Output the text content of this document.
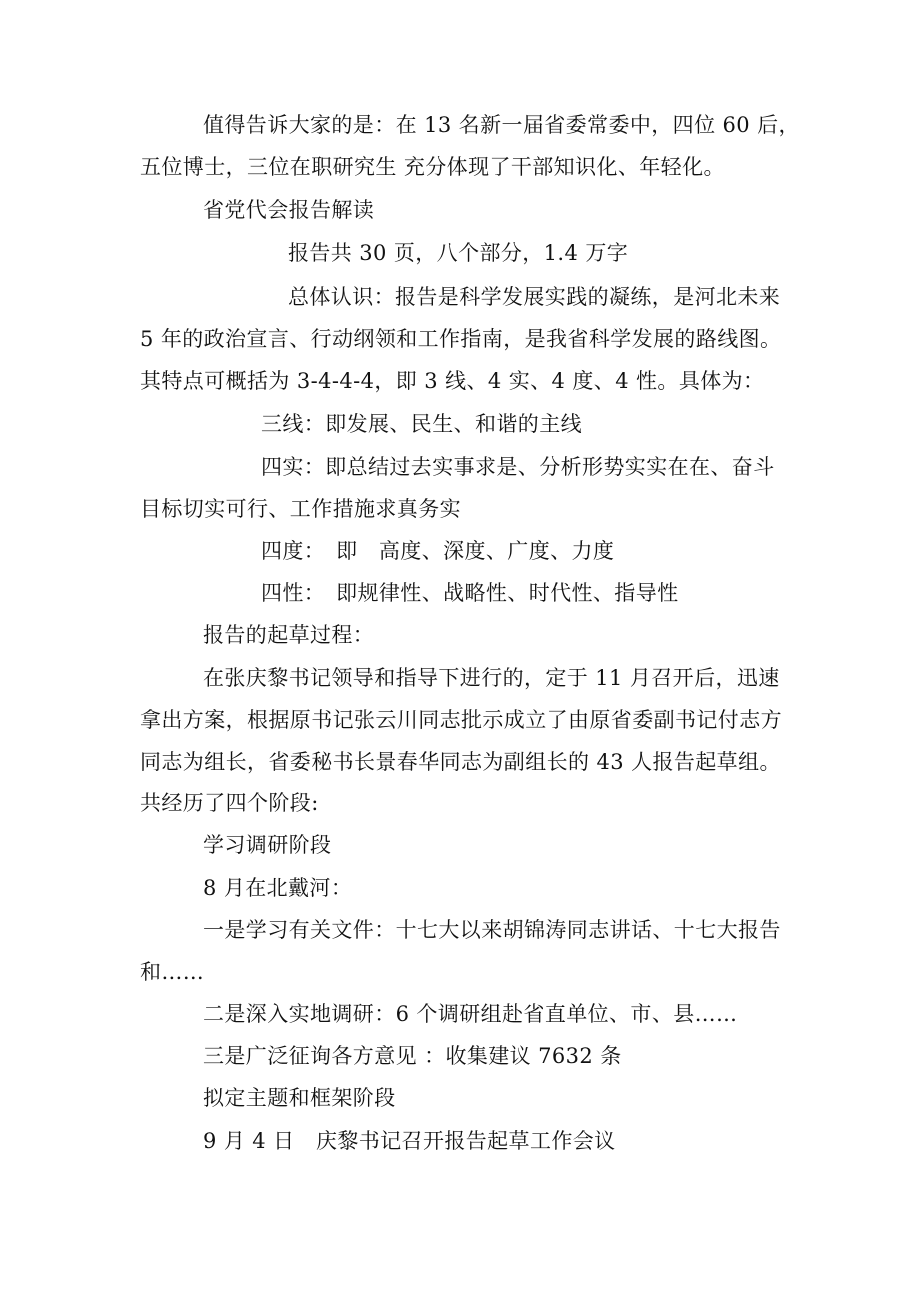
值得告诉大家的是：在 13 名新一届省委常委中，四位 60 后，
五位博士，三位在职研究生 充分体现了干部知识化、年轻化。
省党代会报告解读
报告共 30 页，八个部分，1.4 万字
总体认识：报告是科学发展实践的凝练，是河北未来
5 年的政治宣言、行动纲领和工作指南，是我省科学发展的路线图。
其特点可概括为 3-4-4-4，即 3 线、4 实、4 度、4 性。具体为：
三线：即发展、民生、和谐的主线
四实：即总结过去实事求是、分析形势实实在在、奋斗
目标切实可行、工作措施求真务实
四度：　即　高度、深度、广度、力度
四性：　即规律性、战略性、时代性、指导性
报告的起草过程：
在张庆黎书记领导和指导下进行的，定于 11 月召开后，迅速
拿出方案，根据原书记张云川同志批示成立了由原省委副书记付志方
同志为组长，省委秘书长景春华同志为副组长的 43 人报告起草组。
共经历了四个阶段:
学习调研阶段
8 月在北戴河：
一是学习有关文件：十七大以来胡锦涛同志讲话、十七大报告
和……
二是深入实地调研：6 个调研组赴省直单位、市、县……
三是广泛征询各方意见 ：收集建议 7632 条
拟定主题和框架阶段
9 月 4 日　庆黎书记召开报告起草工作会议
